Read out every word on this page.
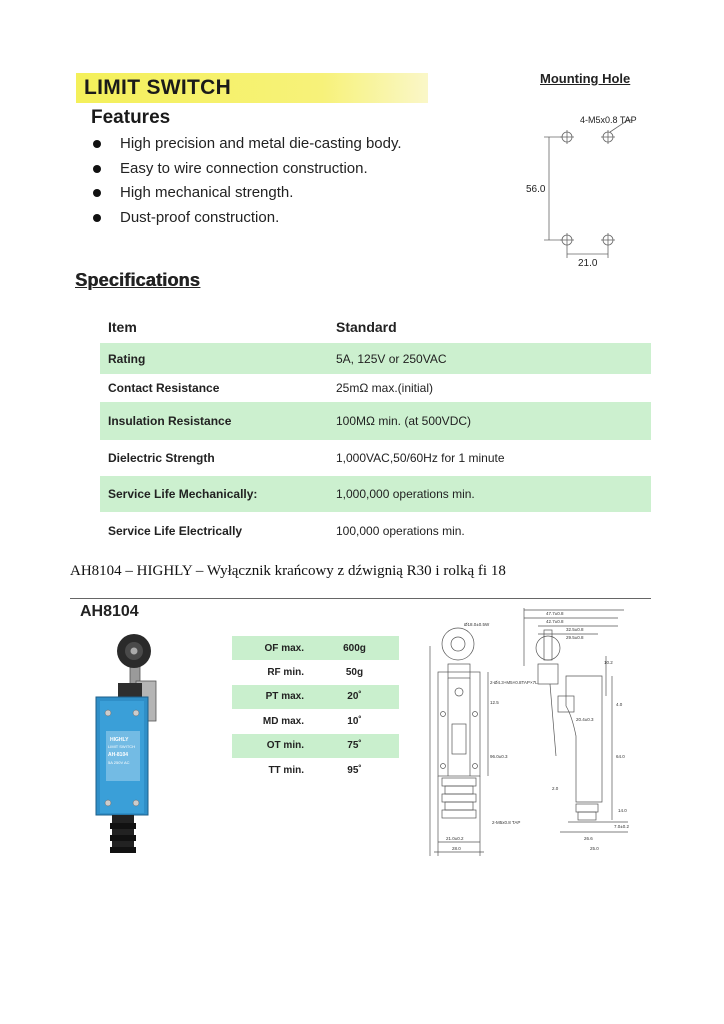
LIMIT SWITCH
Features
High precision and metal die-casting body.
Easy to wire connection construction.
High mechanical strength.
Dust-proof construction.
Mounting Hole
4-M5x0.8 TAP
56.0
21.0
Specifications
Item	Standard
Rating	5A, 125V or 250VAC
Contact Resistance	25mΩ max.(initial)
Insulation Resistance	100MΩ min. (at 500VDC)
Dielectric Strength	1,000VAC,50/60Hz for 1 minute
Service Life Mechanically:	1,000,000 operations min.
Service Life Electrically	100,000 operations min.
AH8104 – HIGHLY – Wyłącznik krańcowy z dźwignią R30 i rolką fi 18
AH8104
HIGHLY
LIMIT SWITCH
AH-8104
5A 250V AC
OF max.	600g
RF min.	50g
PT max.	20˚
MD max.	10˚
OT min.	75˚
TT min.	95˚
47.7±0.8
42.7±0.8
32.5±0.8
29.5±0.8
Ø18.0±0.5W
2-Ø4.3+M5×0.8TAP×7L
12.5
10.2
4.0
20.4±0.3
96.0±0.3	64.0
2.0
2-M5x0.8 TAP
14.0
7.0±0.2
21.0±0.2
28.0
26.6
25.0
